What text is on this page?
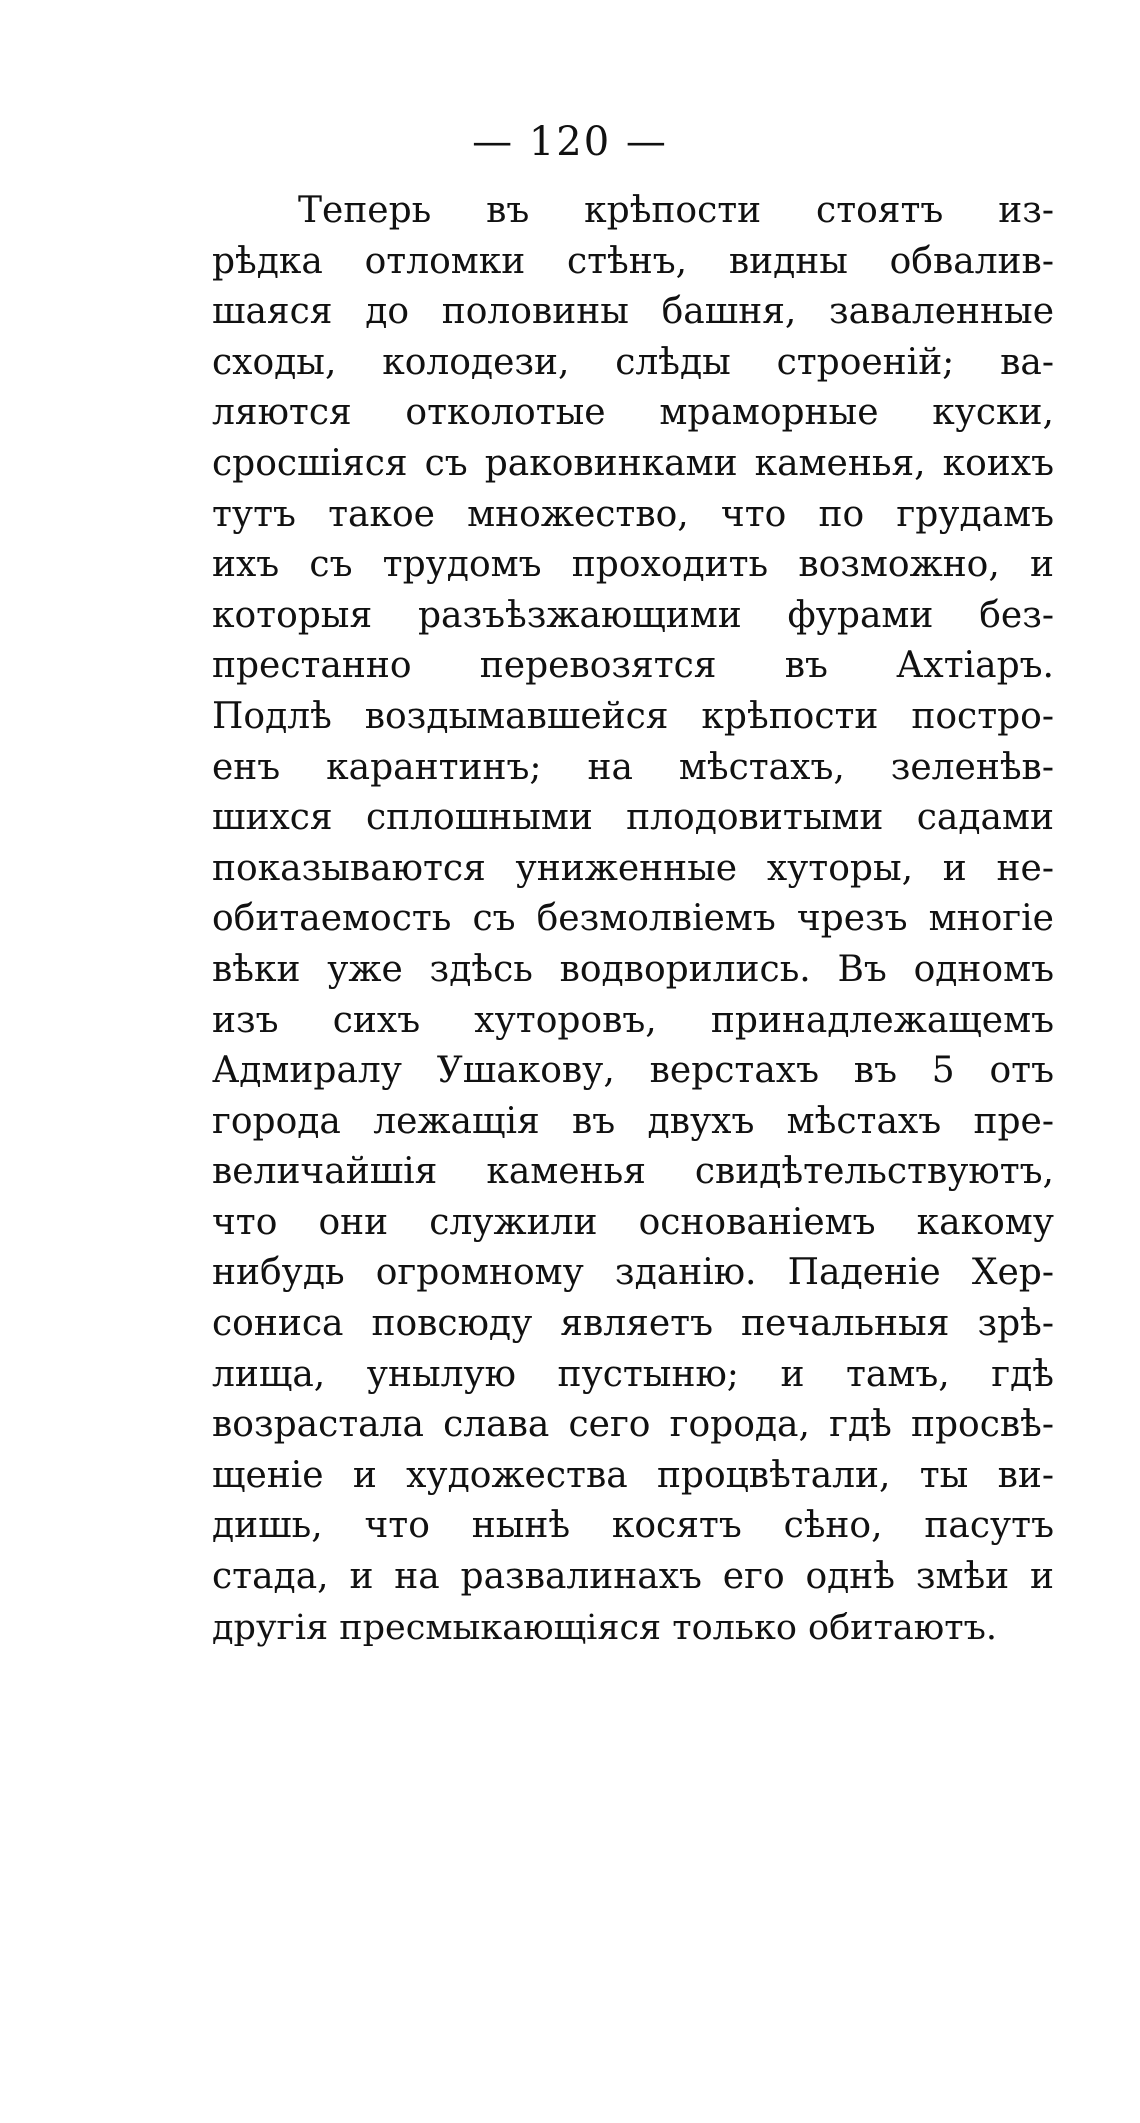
— 120 —
Теперь въ крѣпости стоятъ из-
рѣдка отломки стѣнъ, видны обвалив-
шаяся до половины башня, заваленные
сходы, колодези, слѣды строеній; ва-
ляются отколотые мраморные куски,
сросшіяся съ раковинками каменья, коихъ
тутъ такое множество, что по грудамъ
ихъ съ трудомъ проходить возможно, и
которыя разъѣзжающими фурами без-
престанно перевозятся въ Ахтіаръ.
Подлѣ воздымавшейся крѣпости постро-
енъ карантинъ; на мѣстахъ, зеленѣв-
шихся сплошными плодовитыми садами
показываются униженные хуторы, и не-
обитаемость съ безмолвіемъ чрезъ многіе
вѣки уже здѣсь водворились. Въ одномъ
изъ сихъ хуторовъ, принадлежащемъ
Адмиралу Ушакову, верстахъ въ 5 отъ
города лежащія въ двухъ мѣстахъ пре-
величайшія каменья свидѣтельствуютъ,
что они служили основаніемъ какому
нибудь огромному зданію. Паденіе Хер-
сониса повсюду являетъ печальныя зрѣ-
лища, унылую пустыню; и тамъ, гдѣ
возрастала слава сего города, гдѣ просвѣ-
щеніе и художества процвѣтали, ты ви-
дишь, что нынѣ косятъ сѣно, пасутъ
стада, и на развалинахъ его однѣ змѣи и
другія пресмыкающіяся только обитаютъ.
